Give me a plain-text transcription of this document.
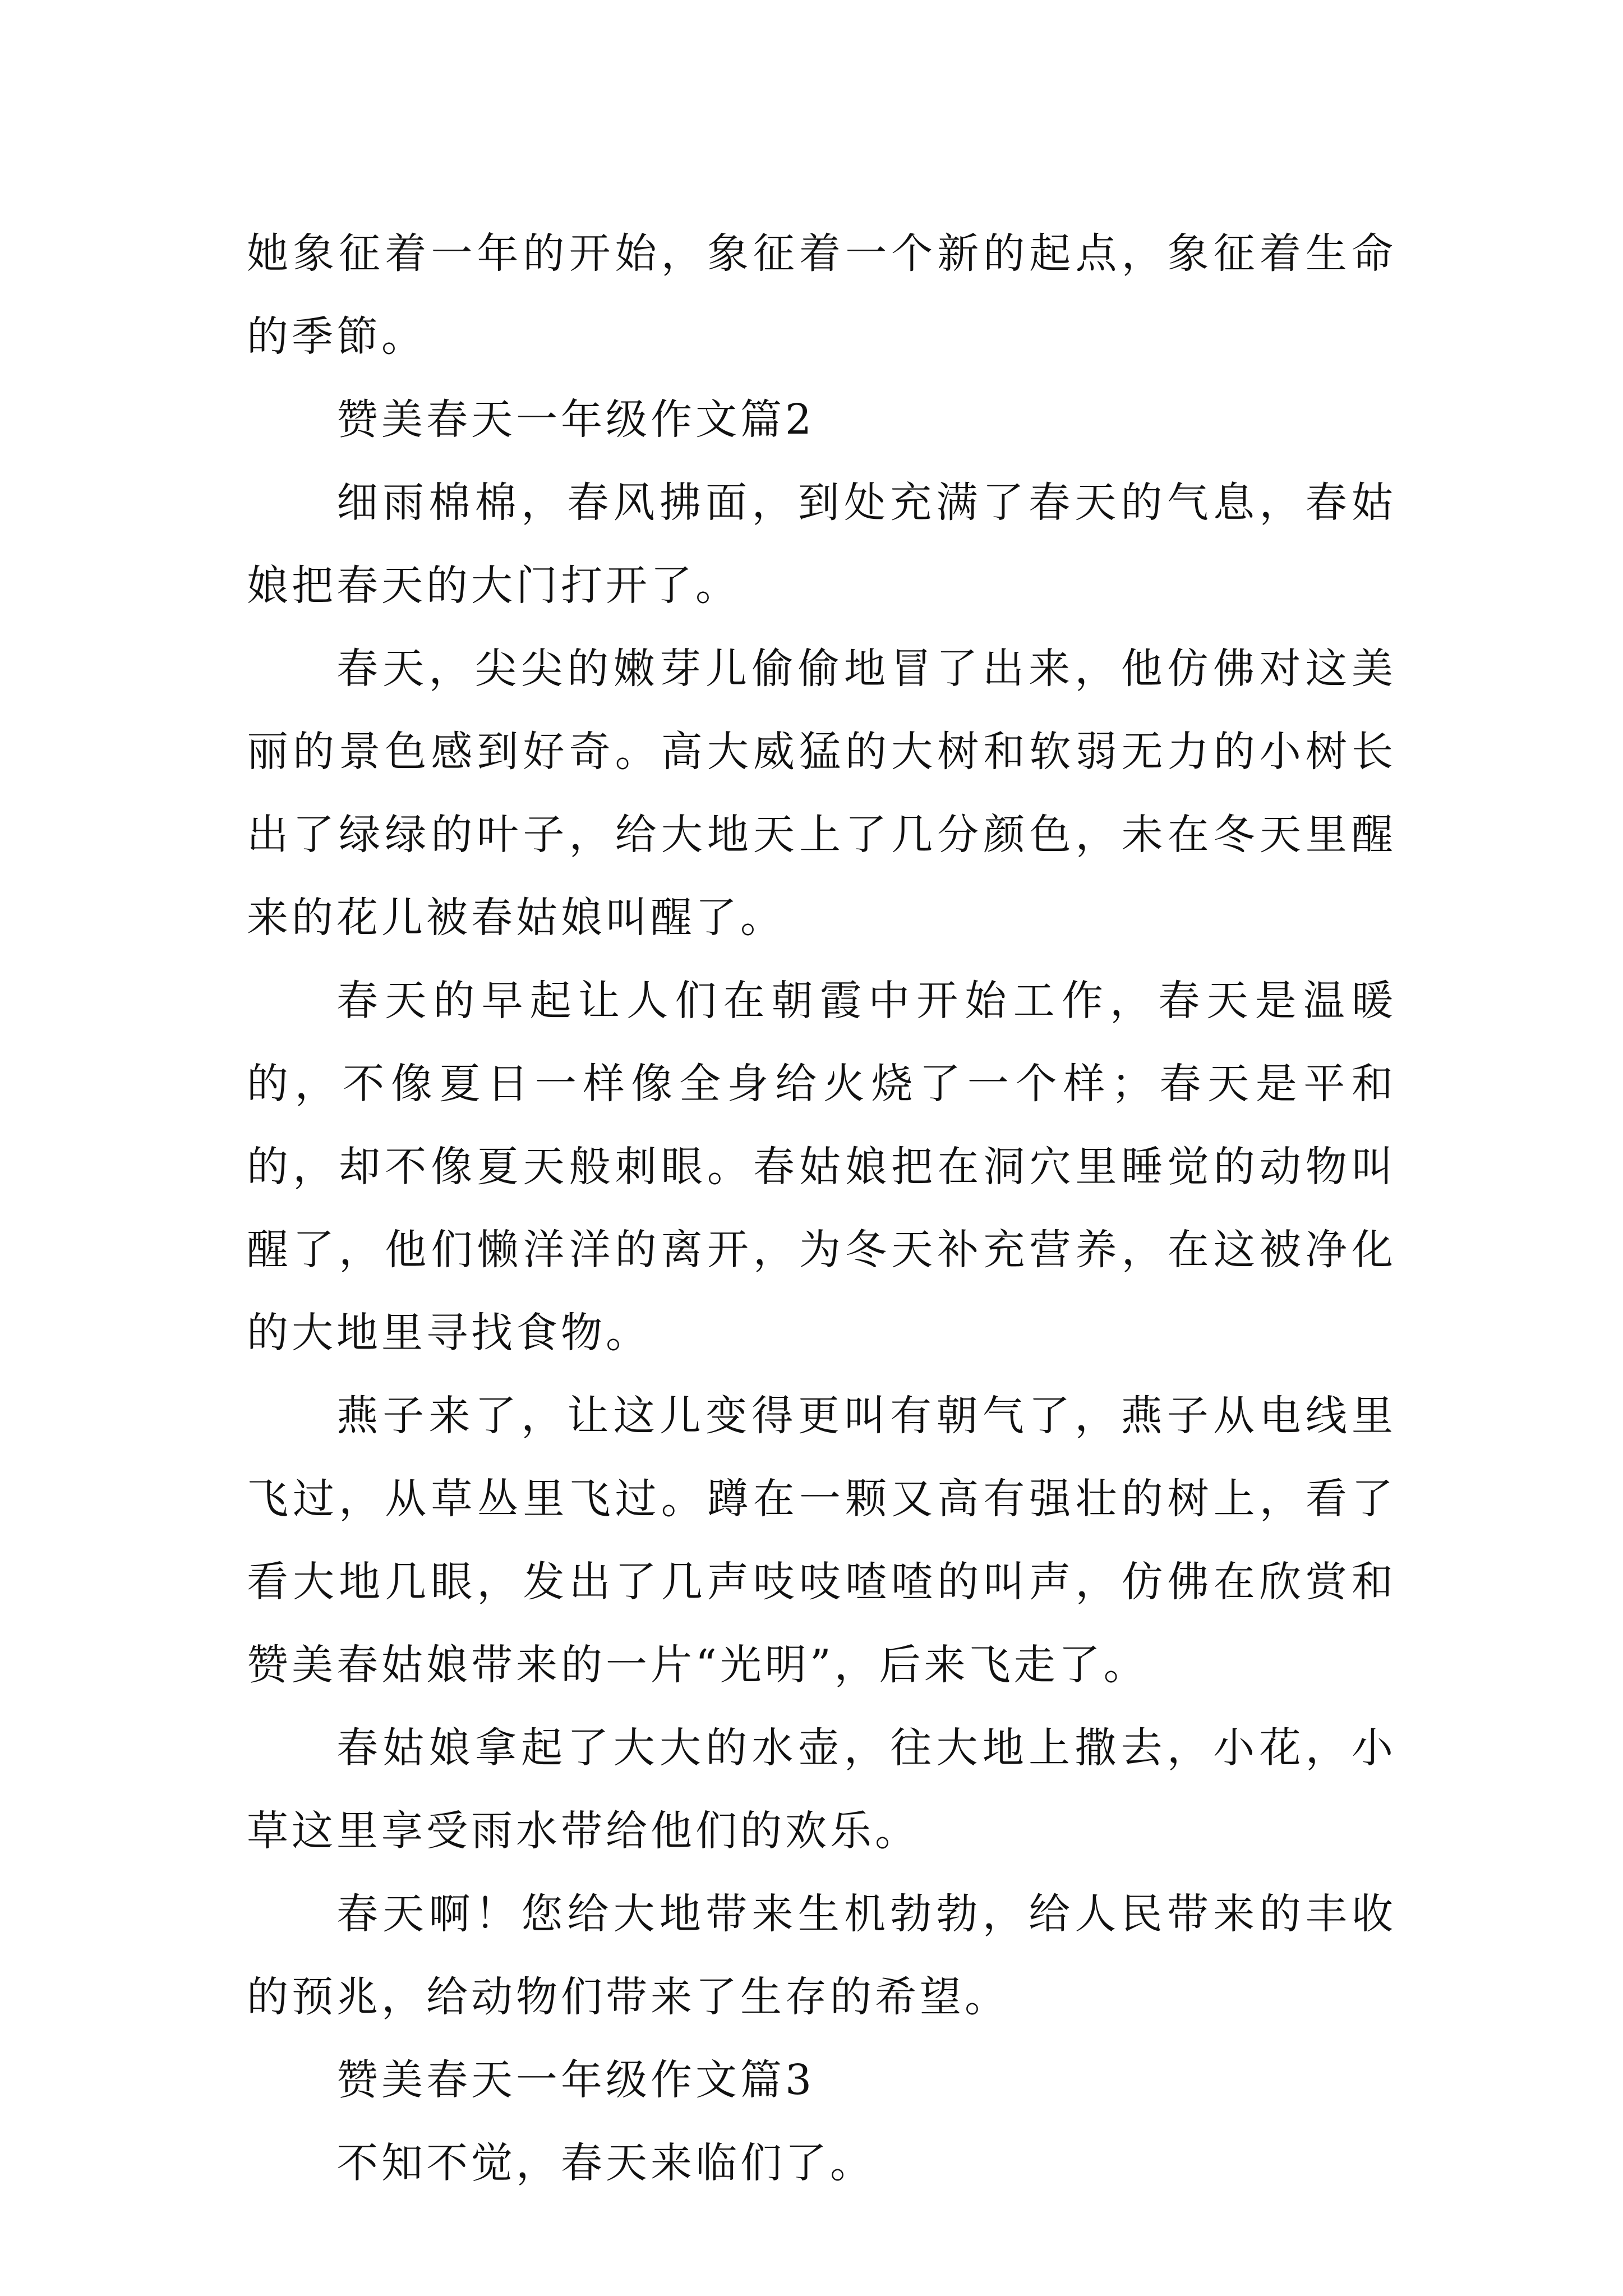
她象征着一年的开始，象征着一个新的起点，象征着生命的季節。

赞美春天一年级作文篇2

细雨棉棉，春风拂面，到处充满了春天的气息，春姑娘把春天的大门打开了。

春天，尖尖的嫩芽儿偷偷地冒了出来，他仿佛对这美丽的景色感到好奇。高大威猛的大树和软弱无力的小树长出了绿绿的叶子，给大地天上了几分颜色，未在冬天里醒来的花儿被春姑娘叫醒了。

春天的早起让人们在朝霞中开始工作，春天是温暖的，不像夏日一样像全身给火烧了一个样；春天是平和的，却不像夏天般刺眼。春姑娘把在洞穴里睡觉的动物叫醒了，他们懒洋洋的离开，为冬天补充营养，在这被净化的大地里寻找食物。

燕子来了，让这儿变得更叫有朝气了，燕子从电线里飞过，从草丛里飞过。蹲在一颗又高有强壮的树上，看了看大地几眼，发出了几声吱吱喳喳的叫声，仿佛在欣赏和赞美春姑娘带来的一片“光明”，后来飞走了。

春姑娘拿起了大大的水壶，往大地上撒去，小花，小草这里享受雨水带给他们的欢乐。

春天啊！您给大地带来生机勃勃，给人民带来的丰收的预兆，给动物们带来了生存的希望。

赞美春天一年级作文篇3

不知不觉，春天来临们了。
